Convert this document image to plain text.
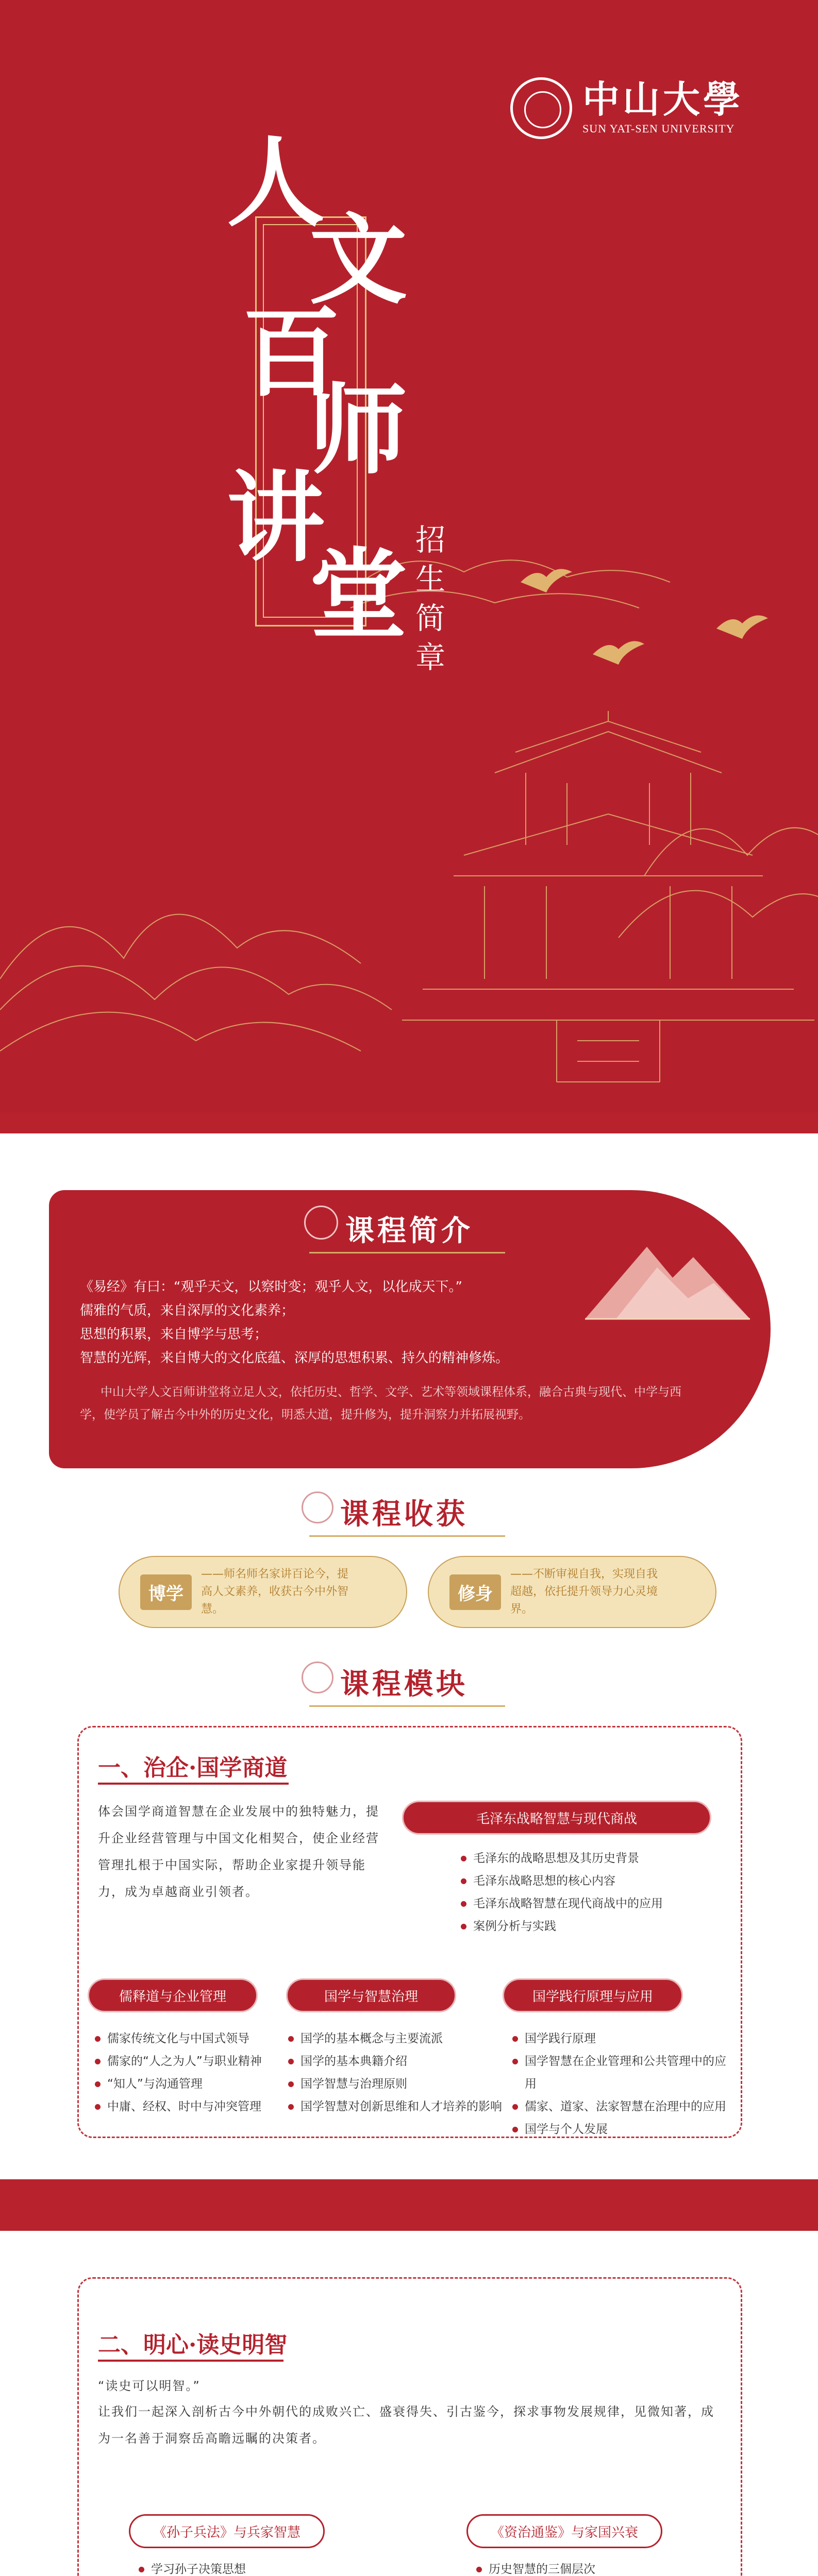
中山大學
SUN YAT-SEN UNIVERSITY
人
文
百
师
讲
堂 招
生
简
章
课程简介
《易经》有曰：“观乎天文，以察时变；观乎人文，以化成天下。”
儒雅的气质，来自深厚的文化素养；
思想的积累，来自博学与思考；
智慧的光辉，来自博大的文化底蕴、深厚的思想积累、持久的精神修炼。
中山大学人文百师讲堂将立足人文，依托历史、哲学、文学、艺术等领域课程体系，融合古典与现代、中学与西学，使学员了解古今中外的历史文化，明悉大道，提升修为，提升洞察力并拓展视野。
课程收获
博学
——师名师名家讲百论今，提高人文素养，收获古今中外智慧。
修身
——不断审视自我，实现自我超越，依托提升领导力心灵境界。
课程模块
一、治企·国学商道
体会国学商道智慧在企业发展中的独特魅力，提升企业经营管理与中国文化相契合，使企业经营管理扎根于中国实际，帮助企业家提升领导能力，成为卓越商业引领者。
毛泽东战略智慧与现代商战
毛泽东的战略思想及其历史背景
毛泽东战略思想的核心内容
毛泽东战略智慧在现代商战中的应用
案例分析与实践
儒释道与企业管理
儒家传统文化与中国式领导
儒家的“人之为人”与职业精神
“知人”与沟通管理
中庸、经权、时中与冲突管理
国学与智慧治理
国学的基本概念与主要流派
国学的基本典籍介绍
国学智慧与治理原则
国学智慧对创新思维和人才培养的影响
国学践行原理与应用
国学践行原理
国学智慧在企业管理和公共管理中的应用
儒家、道家、法家智慧在治理中的应用
国学与个人发展
二、明心·读史明智
“读史可以明智。”
让我们一起深入剖析古今中外朝代的成败兴亡、盛衰得失、引古鉴今，探求事物发展规律，见微知著，成为一名善于洞察岳高瞻远瞩的决策者。
《孙子兵法》与兵家智慧
学习孙子决策思想
《资治通鉴》与家国兴衰
历史智慧的三個层次
